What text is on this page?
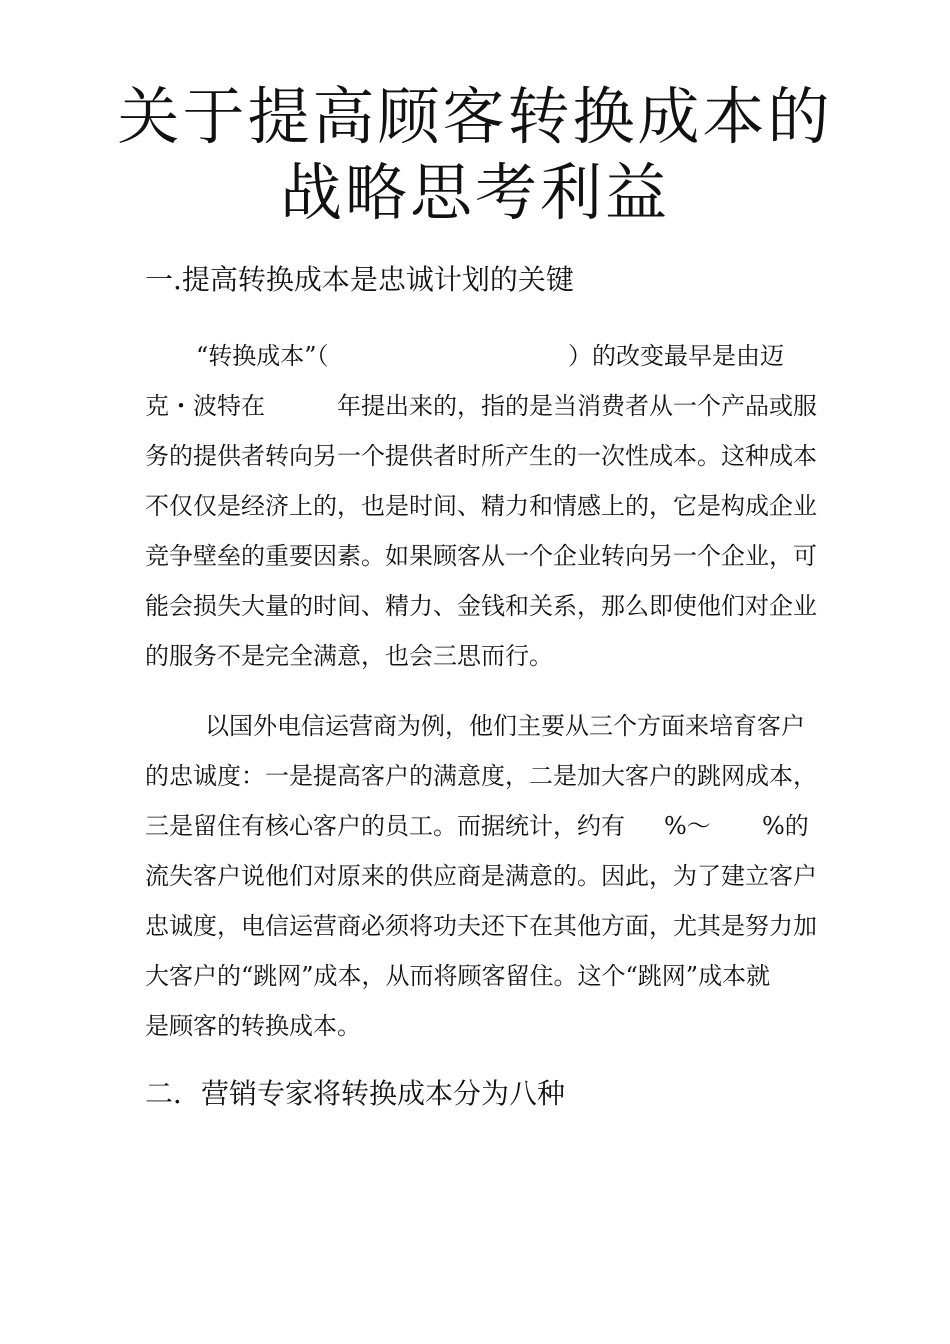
关于提高顾客转换成本的
战略思考利益
一.提高转换成本是忠诚计划的关键
“转换成本”（	）的改变最早是由迈
克・波特在	年提出来的，指的是当消费者从一个产品或服
务的提供者转向另一个提供者时所产生的一次性成本。这种成本
不仅仅是经济上的，也是时间、精力和情感上的，它是构成企业
竞争壁垒的重要因素。如果顾客从一个企业转向另一个企业，可
能会损失大量的时间、精力、金钱和关系，那么即使他们对企业
的服务不是完全满意，也会三思而行。
以国外电信运营商为例，他们主要从三个方面来培育客户
的忠诚度：一是提高客户的满意度，二是加大客户的跳网成本，
三是留住有核心客户的员工。而据统计，约有 %～ %的
流失客户说他们对原来的供应商是满意的。因此，为了建立客户
忠诚度，电信运营商必须将功夫还下在其他方面，尤其是努力加
大客户的“跳网”成本，从而将顾客留住。这个“跳网”成本就
是顾客的转换成本。
二．营销专家将转换成本分为八种
